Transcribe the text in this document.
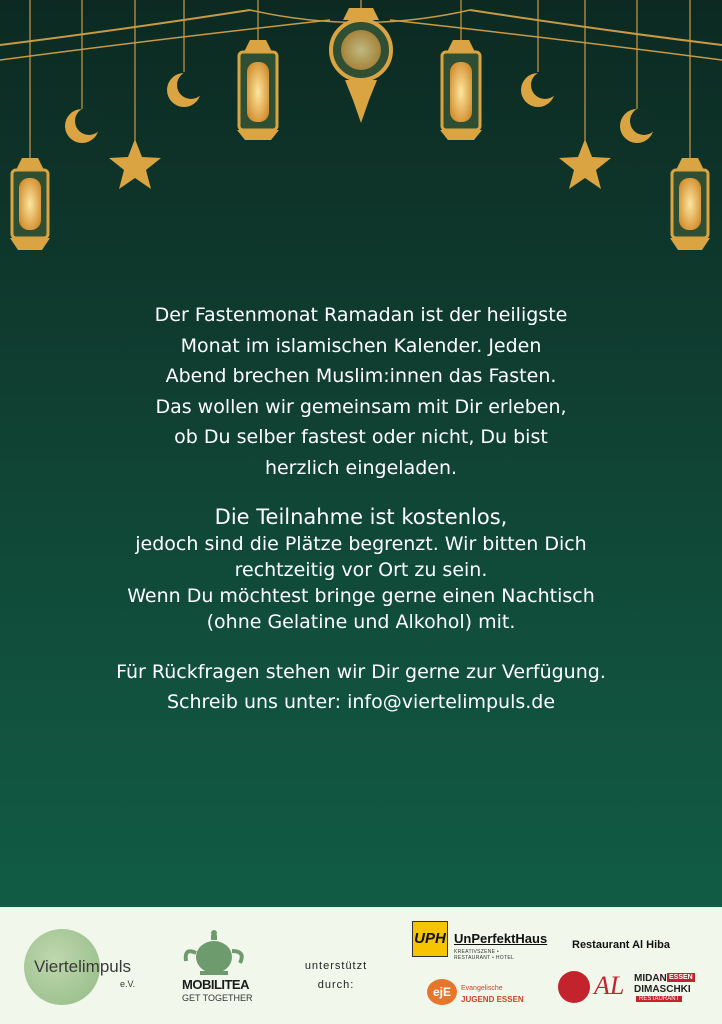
Der Fastenmonat Ramadan ist der heiligste
Monat im islamischen Kalender. Jeden
Abend brechen Muslim:innen das Fasten.
Das wollen wir gemeinsam mit Dir erleben,
ob Du selber fastest oder nicht, Du bist
herzlich eingeladen.

Die Teilnahme ist kostenlos,

jedoch sind die Plätze begrenzt. Wir bitten Dich
rechtzeitig vor Ort zu sein.
Wenn Du möchtest bringe gerne einen Nachtisch
(ohne Gelatine und Alkohol) mit.

Für Rückfragen stehen wir Dir gerne zur Verfügung.
Schreib uns unter: info@viertelimpuls.de

Viertelimpuls
e.V.	MOBILITEA
GET TOGETHER
unterstützt
durch:
UPH UnPerfektHaus
KREATIVSZENE • RESTAURANT • HOTEL
ejE	Evangelische
JUGEND ESSEN
Restaurant Al Hiba
AL MIDAN ESSEN
DIMASCHKI
RESTAURANT
